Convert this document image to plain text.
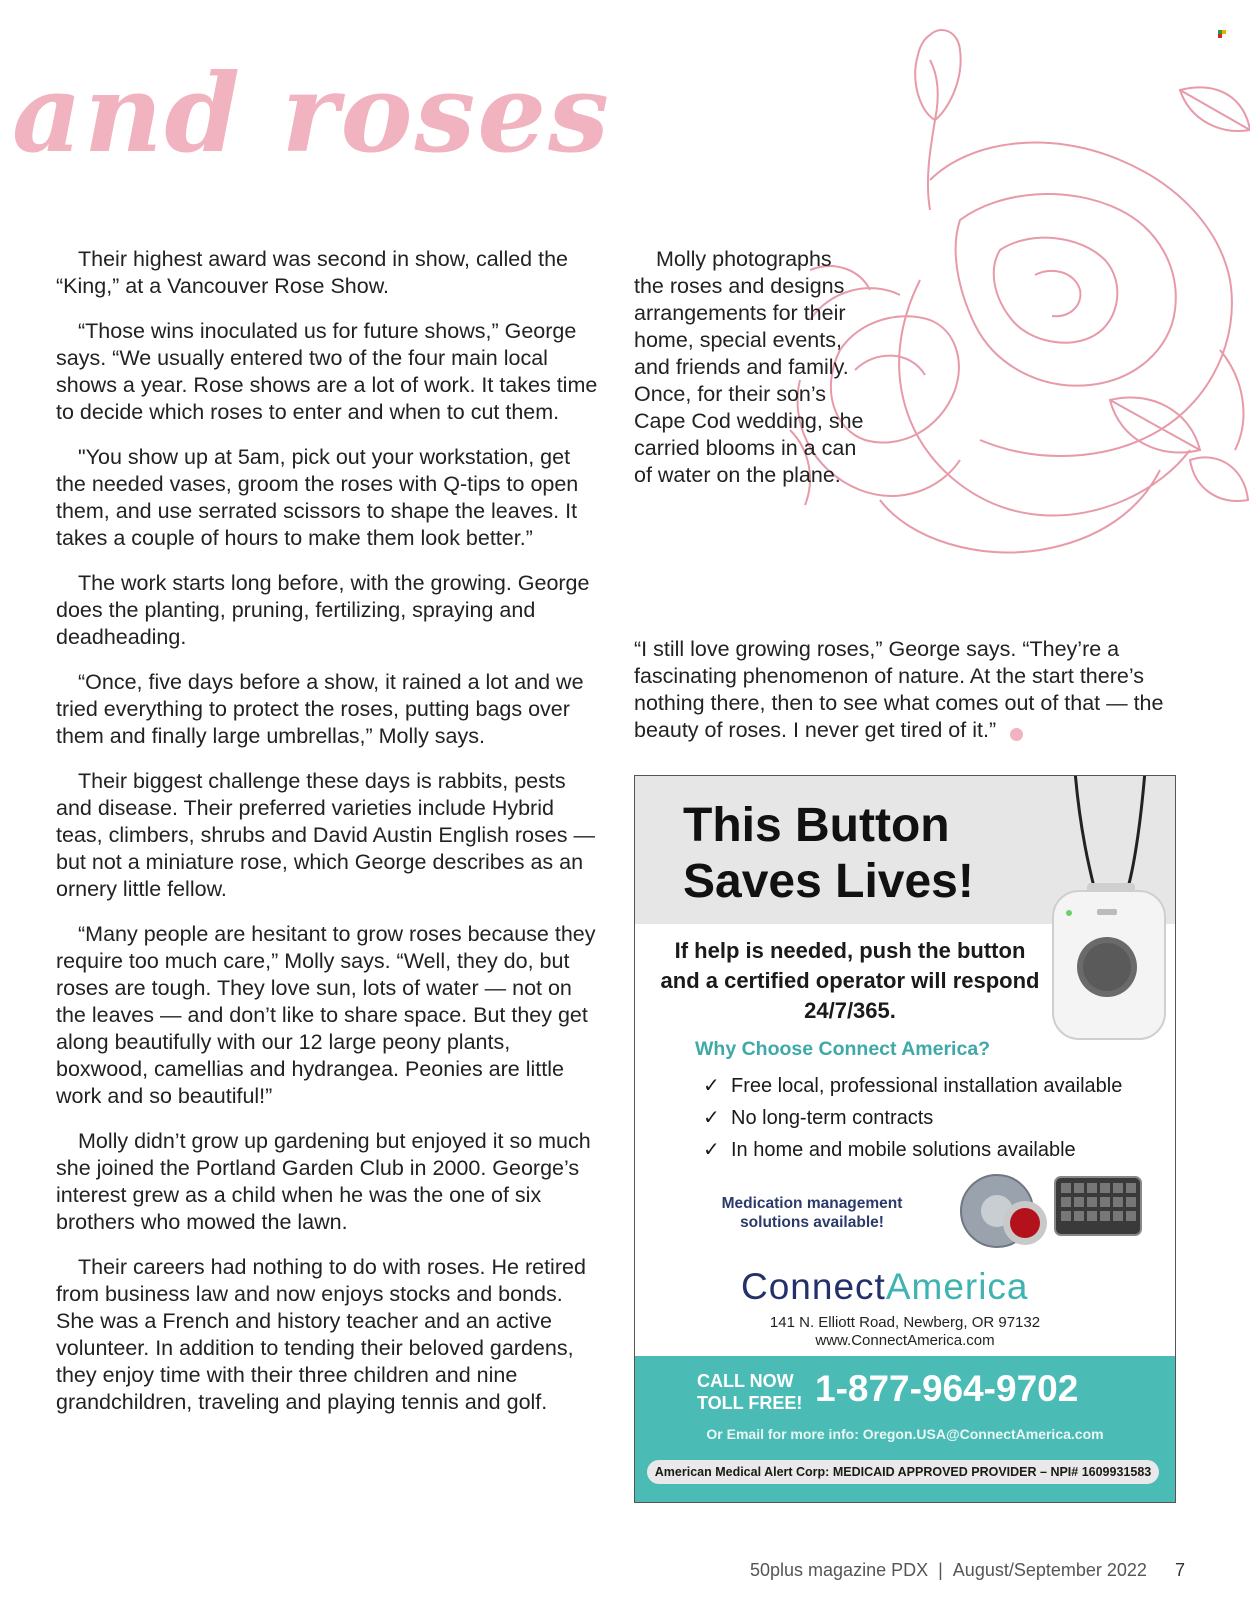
and roses

Their highest award was second in show, called the “King,” at a Vancouver Rose Show.

“Those wins inoculated us for future shows,” George says. “We usually entered two of the four main local shows a year. Rose shows are a lot of work. It takes time to decide which roses to enter and when to cut them.

"You show up at 5am, pick out your workstation, get the needed vases, groom the roses with Q-tips to open them, and use serrated scissors to shape the leaves. It takes a couple of hours to make them look better.”

The work starts long before, with the growing. George does the planting, pruning, fertilizing, spraying and deadheading.

“Once, five days before a show, it rained a lot and we tried everything to protect the roses, putting bags over them and finally large umbrellas,” Molly says.

Their biggest challenge these days is rabbits, pests and disease. Their preferred varieties include Hybrid teas, climbers, shrubs and David Austin English roses — but not a miniature rose, which George describes as an ornery little fellow.

“Many people are hesitant to grow roses because they require too much care,” Molly says. “Well, they do, but roses are tough. They love sun, lots of water — not on the leaves — and don’t like to share space. But they get along beautifully with our 12 large peony plants, boxwood, camellias and hydrangea. Peonies are little work and so beautiful!”

Molly didn’t grow up gardening but enjoyed it so much she joined the Portland Garden Club in 2000. George’s interest grew as a child when he was the one of six brothers who mowed the lawn.

Their careers had nothing to do with roses. He retired from business law and now enjoys stocks and bonds. She was a French and history teacher and an active volunteer. In addition to tending their beloved gardens, they enjoy time with their three children and nine grandchildren, traveling and playing tennis and golf.

Molly photographs the roses and designs arrangements for their home, special events, and friends and family. Once, for their son’s Cape Cod wedding, she carried blooms in a can of water on the plane.

“I still love growing roses,” George says. “They’re a fascinating phenomenon of nature. At the start there’s nothing there, then to see what comes out of that — the beauty of roses. I never get tired of it.”

This Button
Saves Lives!
If help is needed, push the button and a certified operator will respond 24/7/365.
Why Choose Connect America?
✓ Free local, professional installation available
✓ No long-term contracts
✓ In home and mobile solutions available
Medication management solutions available!
ConnectAmerica
141 N. Elliott Road, Newberg, OR 97132
www.ConnectAmerica.com
CALL NOW
TOLL FREE! 1-877-964-9702
Or Email for more info: Oregon.USA@ConnectAmerica.com
American Medical Alert Corp: MEDICAID APPROVED PROVIDER – NPI# 1609931583
50plus magazine PDX | August/September 2022 7
